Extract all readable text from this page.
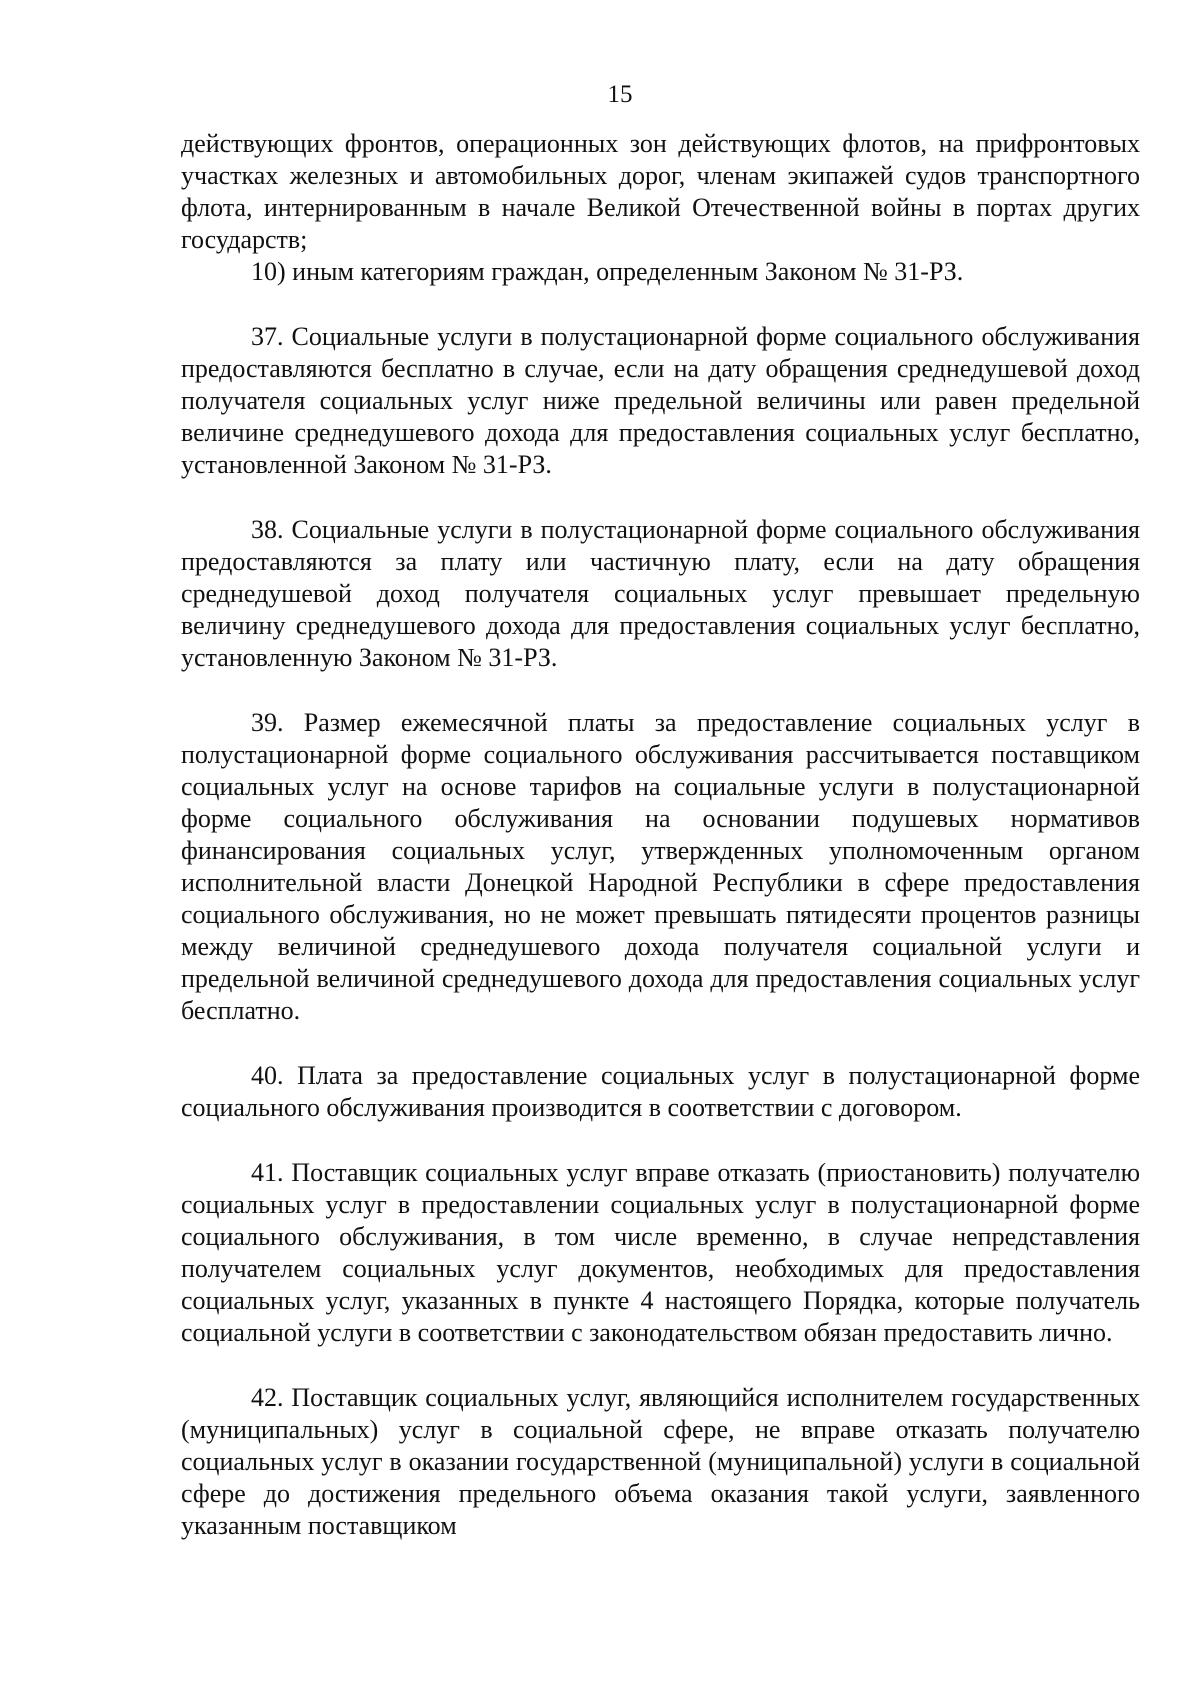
15

действующих фронтов, операционных зон действующих флотов, на прифронтовых участках железных и автомобильных дорог, членам экипажей судов транспортного флота, интернированным в начале Великой Отечественной войны в портах других государств;

10) иным категориям граждан, определенным Законом № 31-РЗ.

37. Социальные услуги в полустационарной форме социального обслуживания предоставляются бесплатно в случае, если на дату обращения среднедушевой доход получателя социальных услуг ниже предельной величины или равен предельной величине среднедушевого дохода для предоставления социальных услуг бесплатно, установленной Законом № 31-РЗ.

38. Социальные услуги в полустационарной форме социального обслуживания предоставляются за плату или частичную плату, если на дату обращения среднедушевой доход получателя социальных услуг превышает предельную величину среднедушевого дохода для предоставления социальных услуг бесплатно, установленную Законом № 31-РЗ.

39. Размер ежемесячной платы за предоставление социальных услуг в полустационарной форме социального обслуживания рассчитывается поставщиком социальных услуг на основе тарифов на социальные услуги в полустационарной форме социального обслуживания на основании подушевых нормативов финансирования социальных услуг, утвержденных уполномоченным органом исполнительной власти Донецкой Народной Республики в сфере предоставления социального обслуживания, но не может превышать пятидесяти процентов разницы между величиной среднедушевого дохода получателя социальной услуги и предельной величиной среднедушевого дохода для предоставления социальных услуг бесплатно.

40. Плата за предоставление социальных услуг в полустационарной форме социального обслуживания производится в соответствии с договором.

41. Поставщик социальных услуг вправе отказать (приостановить) получателю социальных услуг в предоставлении социальных услуг в полустационарной форме социального обслуживания, в том числе временно, в случае непредставления получателем социальных услуг документов, необходимых для предоставления социальных услуг, указанных в пункте 4 настоящего Порядка, которые получатель социальной услуги в соответствии с законодательством обязан предоставить лично.

42. Поставщик социальных услуг, являющийся исполнителем государственных (муниципальных) услуг в социальной сфере, не вправе отказать получателю социальных услуг в оказании государственной (муниципальной) услуги в социальной сфере до достижения предельного объема оказания такой услуги, заявленного указанным поставщиком
